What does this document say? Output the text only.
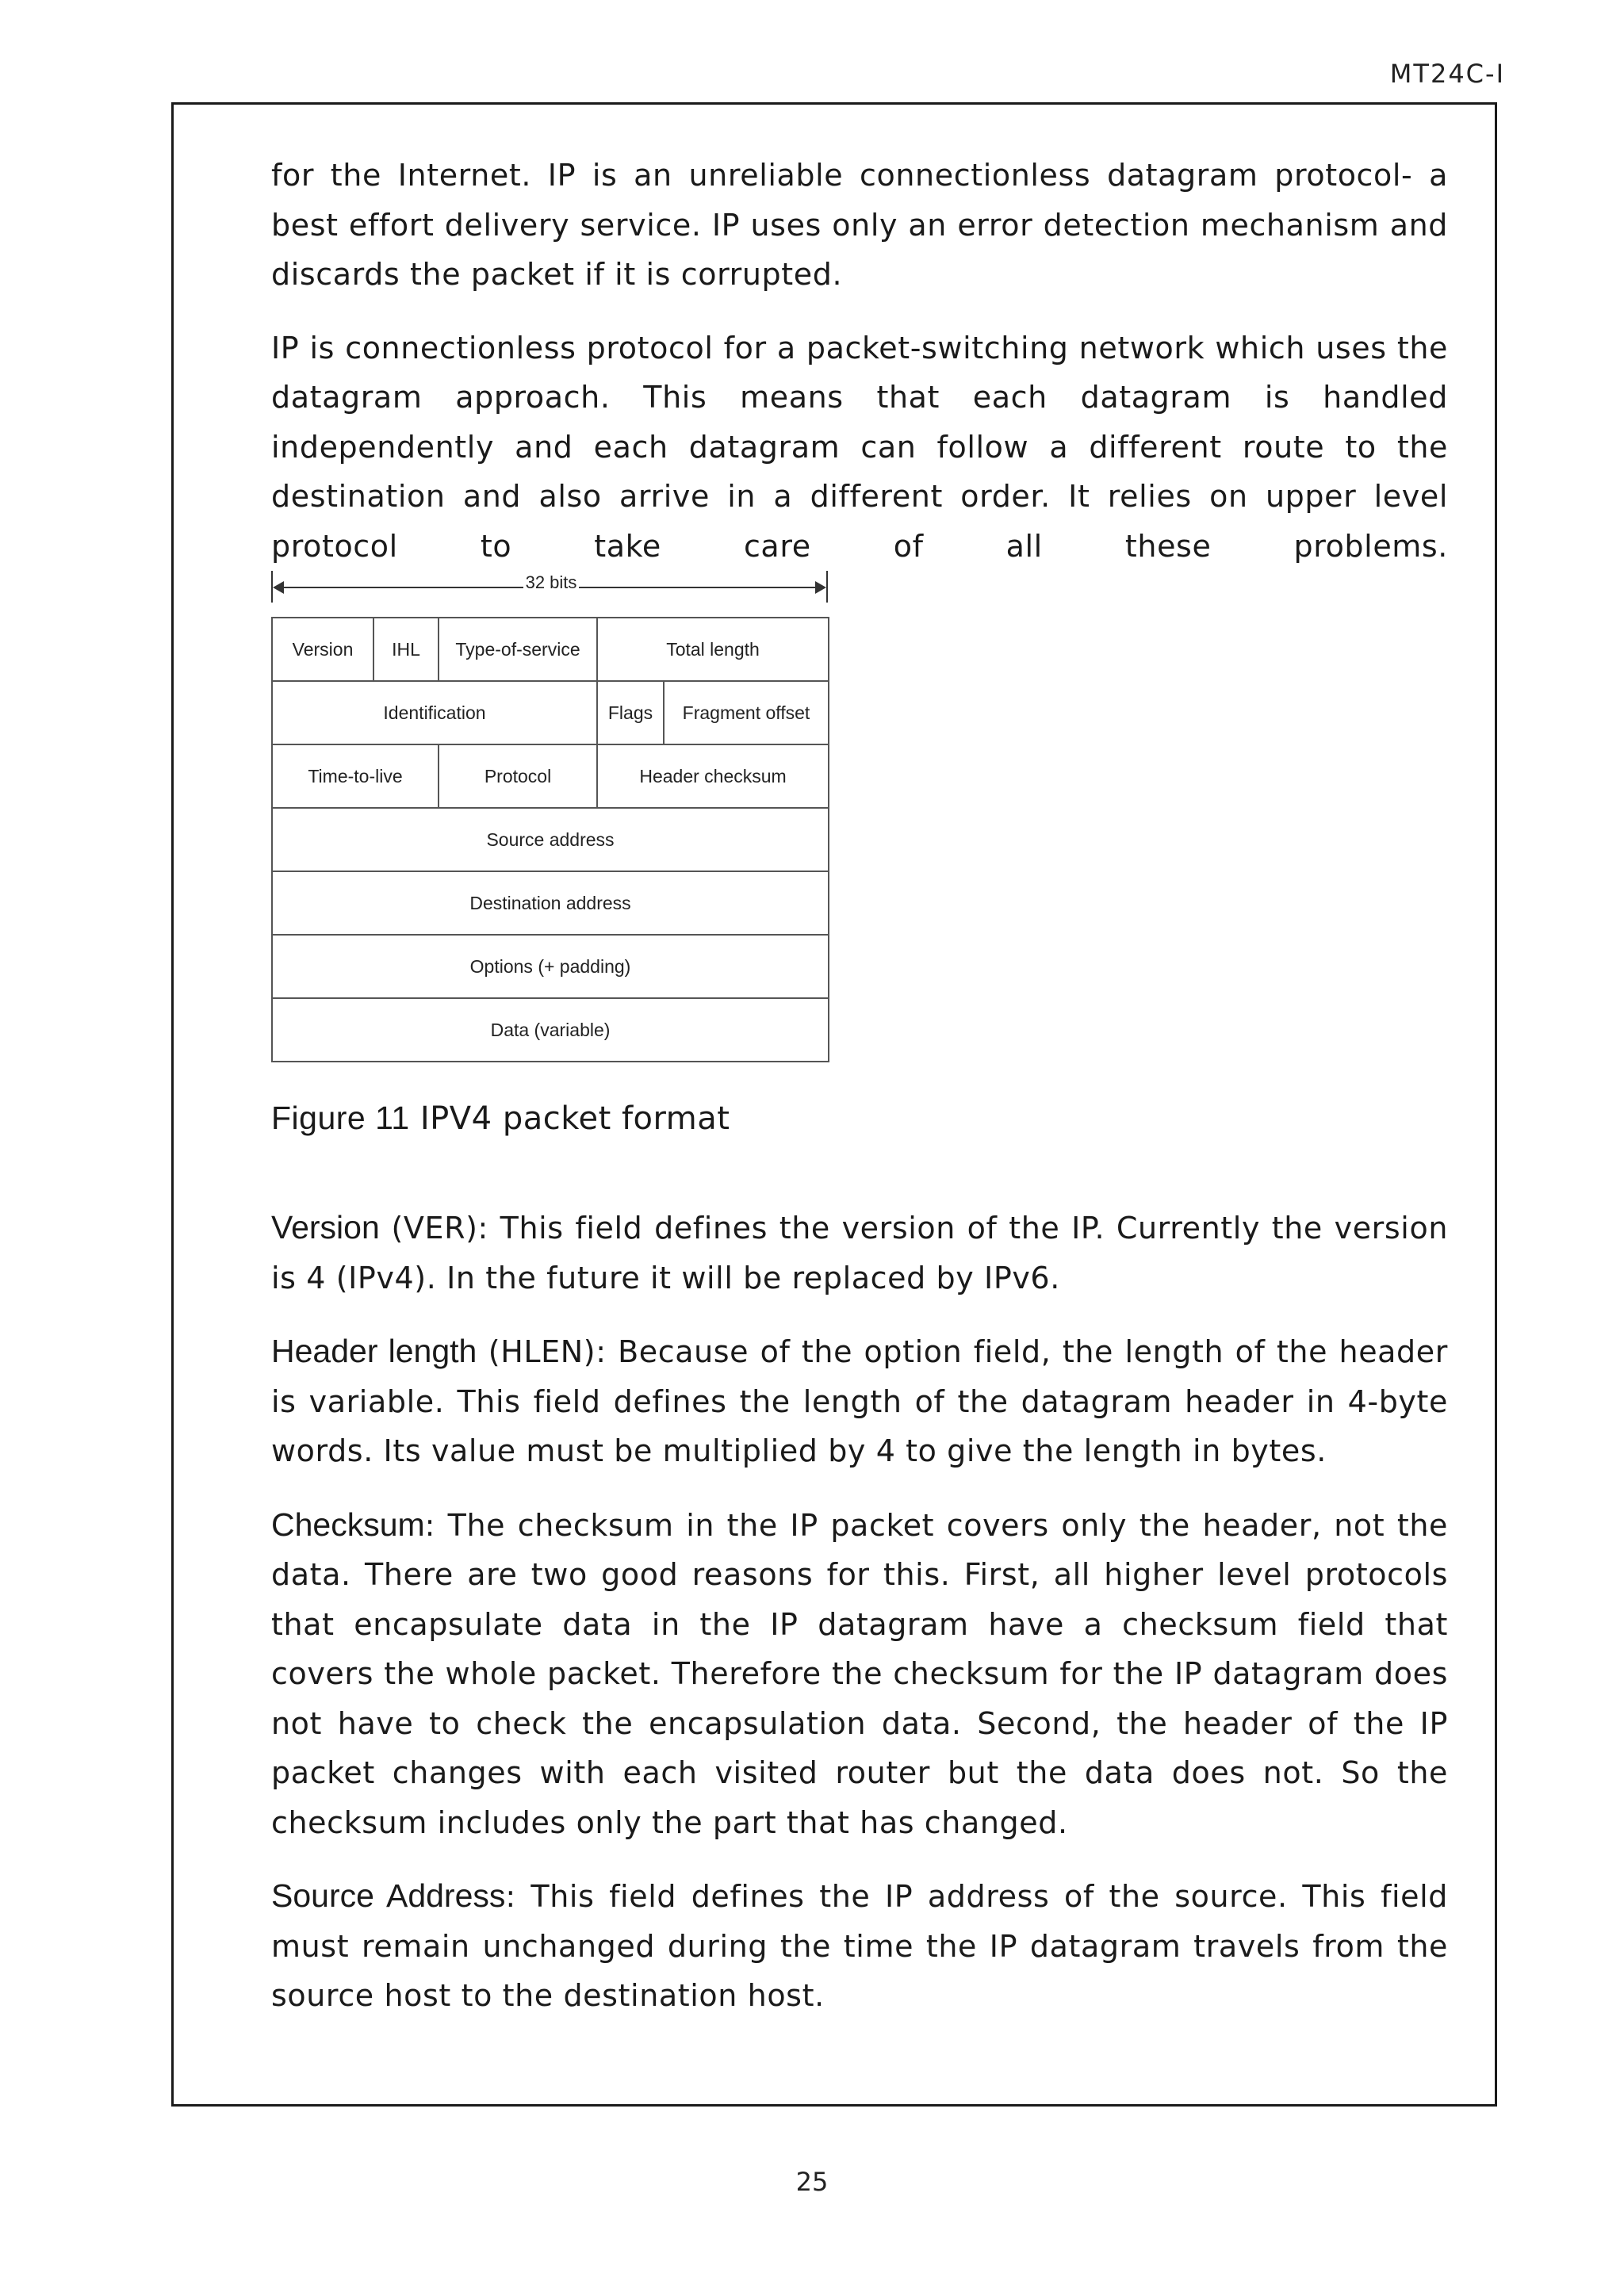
MT24C-I

for the Internet. IP is an unreliable connectionless datagram protocol- a best effort delivery service. IP uses only an error detection mechanism and discards the packet if it is corrupted.

IP is connectionless protocol for a packet-switching network which uses the datagram approach. This means that each datagram is handled independently and each datagram can follow a different route to the destination and also arrive in a different order. It relies on upper level protocol to take care of all these problems.

32 bits
Version	IHL	Type-of-service	Total length	
Identification			Flags	Fragment offset
Time-to-live		Protocol	Header checksum	
Source address				
Destination address				
Options (+ padding)				
Data (variable)				
Figure 11 IPV4 packet format

Version (VER): This field defines the version of the IP. Currently the version is 4 (IPv4). In the future it will be replaced by IPv6.

Header length (HLEN): Because of the option field, the length of the header is variable. This field defines the length of the datagram header in 4-byte words. Its value must be multiplied by 4 to give the length in bytes.

Checksum: The checksum in the IP packet covers only the header, not the data. There are two good reasons for this. First, all higher level protocols that encapsulate data in the IP datagram have a checksum field that covers the whole packet. Therefore the checksum for the IP datagram does not have to check the encapsulation data. Second, the header of the IP packet changes with each visited router but the data does not. So the checksum includes only the part that has changed.

Source Address: This field defines the IP address of the source. This field must remain unchanged during the time the IP datagram travels from the source host to the destination host.

25
